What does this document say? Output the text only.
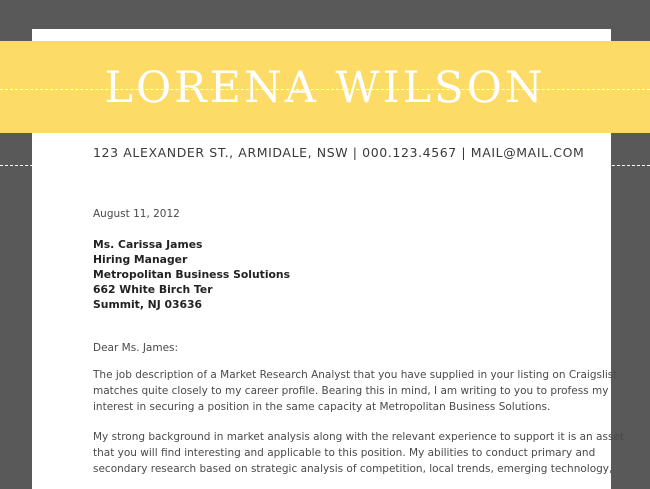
LORENA WILSON
123 ALEXANDER ST., ARMIDALE, NSW | 000.123.4567 | MAIL@MAIL.COM
August 11, 2012
Ms. Carissa James
Hiring Manager
Metropolitan Business Solutions
662 White Birch Ter
Summit, NJ 03636
Dear Ms. James:
The job description of a Market Research Analyst that you have supplied in your listing on Craigslist
matches quite closely to my career profile. Bearing this in mind, I am writing to you to profess my
interest in securing a position in the same capacity at Metropolitan Business Solutions.
My strong background in market analysis along with the relevant experience to support it is an asset
that you will find interesting and applicable to this position. My abilities to conduct primary and
secondary research based on strategic analysis of competition, local trends, emerging technology,
